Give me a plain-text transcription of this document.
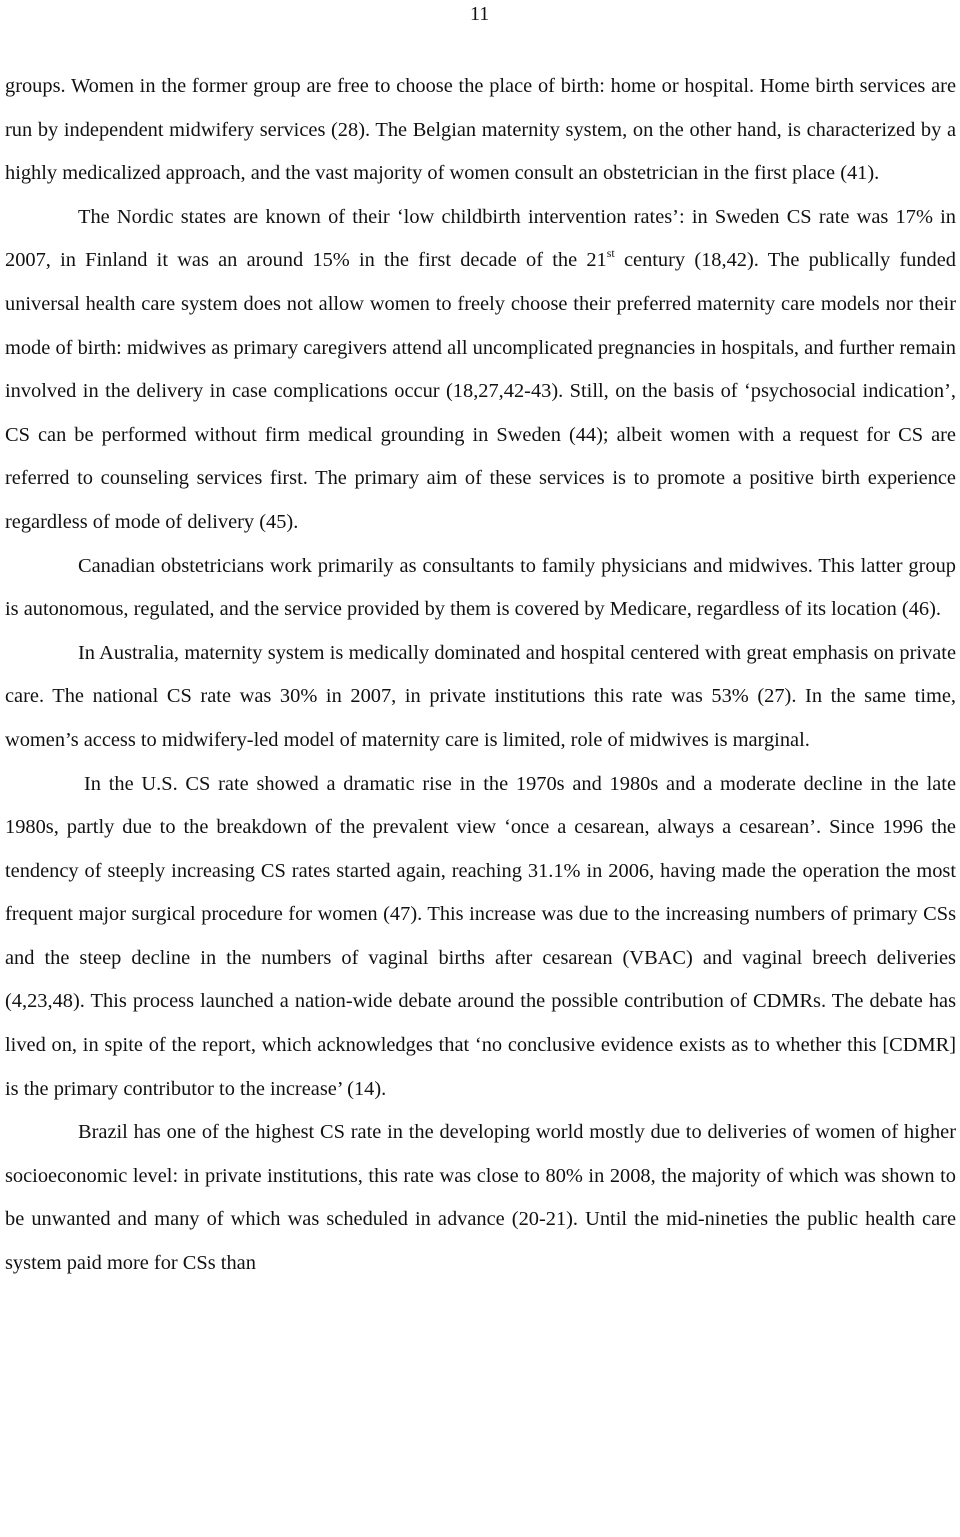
11

groups. Women in the former group are free to choose the place of birth: home or hospital. Home birth services are run by independent midwifery services (28). The Belgian maternity system, on the other hand, is characterized by a highly medicalized approach, and the vast majority of women consult an obstetrician in the first place (41).

The Nordic states are known of their ‘low childbirth intervention rates’: in Sweden CS rate was 17% in 2007, in Finland it was an around 15% in the first decade of the 21st century (18,42). The publically funded universal health care system does not allow women to freely choose their preferred maternity care models nor their mode of birth: midwives as primary caregivers attend all uncomplicated pregnancies in hospitals, and further remain involved in the delivery in case complications occur (18,27,42-43). Still, on the basis of ‘psychosocial indication’, CS can be performed without firm medical grounding in Sweden (44); albeit women with a request for CS are referred to counseling services first. The primary aim of these services is to promote a positive birth experience regardless of mode of delivery (45).

Canadian obstetricians work primarily as consultants to family physicians and midwives. This latter group is autonomous, regulated, and the service provided by them is covered by Medicare, regardless of its location (46).

In Australia, maternity system is medically dominated and hospital centered with great emphasis on private care. The national CS rate was 30% in 2007, in private institutions this rate was 53% (27). In the same time, women’s access to midwifery-led model of maternity care is limited, role of midwives is marginal.

In the U.S. CS rate showed a dramatic rise in the 1970s and 1980s and a moderate decline in the late 1980s, partly due to the breakdown of the prevalent view ‘once a cesarean, always a cesarean’. Since 1996 the tendency of steeply increasing CS rates started again, reaching 31.1% in 2006, having made the operation the most frequent major surgical procedure for women (47). This increase was due to the increasing numbers of primary CSs and the steep decline in the numbers of vaginal births after cesarean (VBAC) and vaginal breech deliveries (4,23,48). This process launched a nation-wide debate around the possible contribution of CDMRs. The debate has lived on, in spite of the report, which acknowledges that ‘no conclusive evidence exists as to whether this [CDMR] is the primary contributor to the increase’ (14).

Brazil has one of the highest CS rate in the developing world mostly due to deliveries of women of higher socioeconomic level: in private institutions, this rate was close to 80% in 2008, the majority of which was shown to be unwanted and many of which was scheduled in advance (20-21). Until the mid-nineties the public health care system paid more for CSs than
